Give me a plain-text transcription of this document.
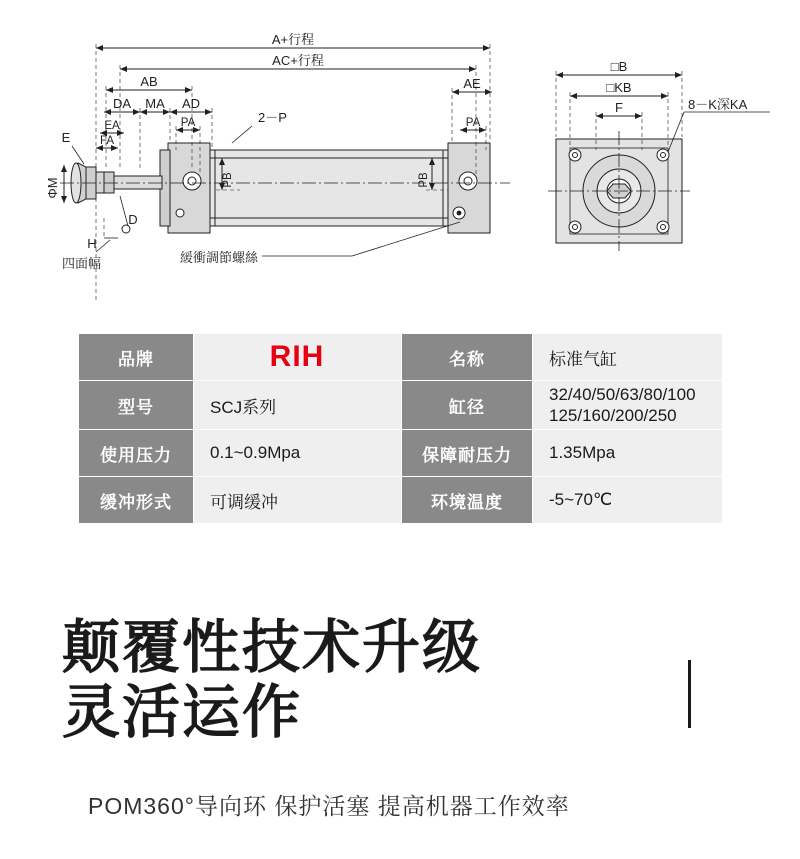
A+行程
AC+行程
AB
DA MA AD
AE
EA
FA
PA	PA
PB	PB
E
ΦM
H
D
2－P
四面幅	緩衝調節螺絲
□B
□KB
F	8－K深KA
品牌	RIH	名称	标准气缸
型号	SCJ系列	缸径	32/40/50/63/80/100
125/160/200/250

使用压力	0.1~0.9Mpa	保障耐压力	1.35Mpa
缓冲形式	可调缓冲	环境温度	-5~70℃
颠覆性技术升级
灵活运作
POM360°导向环 保护活塞 提高机器工作效率
